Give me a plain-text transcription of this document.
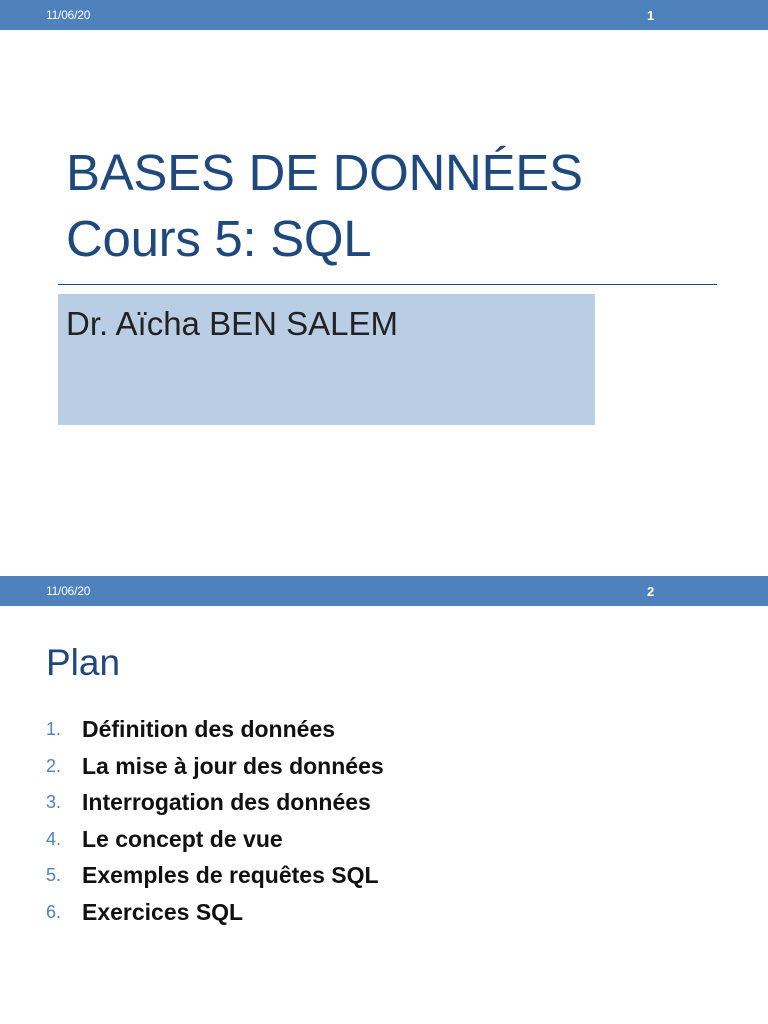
11/06/20	1
BASES DE DONNÉES
Cours 5: SQL
Dr. Aïcha BEN SALEM
11/06/20	2
Plan
1. Définition des données
2. La mise à jour des données
3. Interrogation des données
4. Le concept de vue
5. Exemples de requêtes SQL
6. Exercices SQL
